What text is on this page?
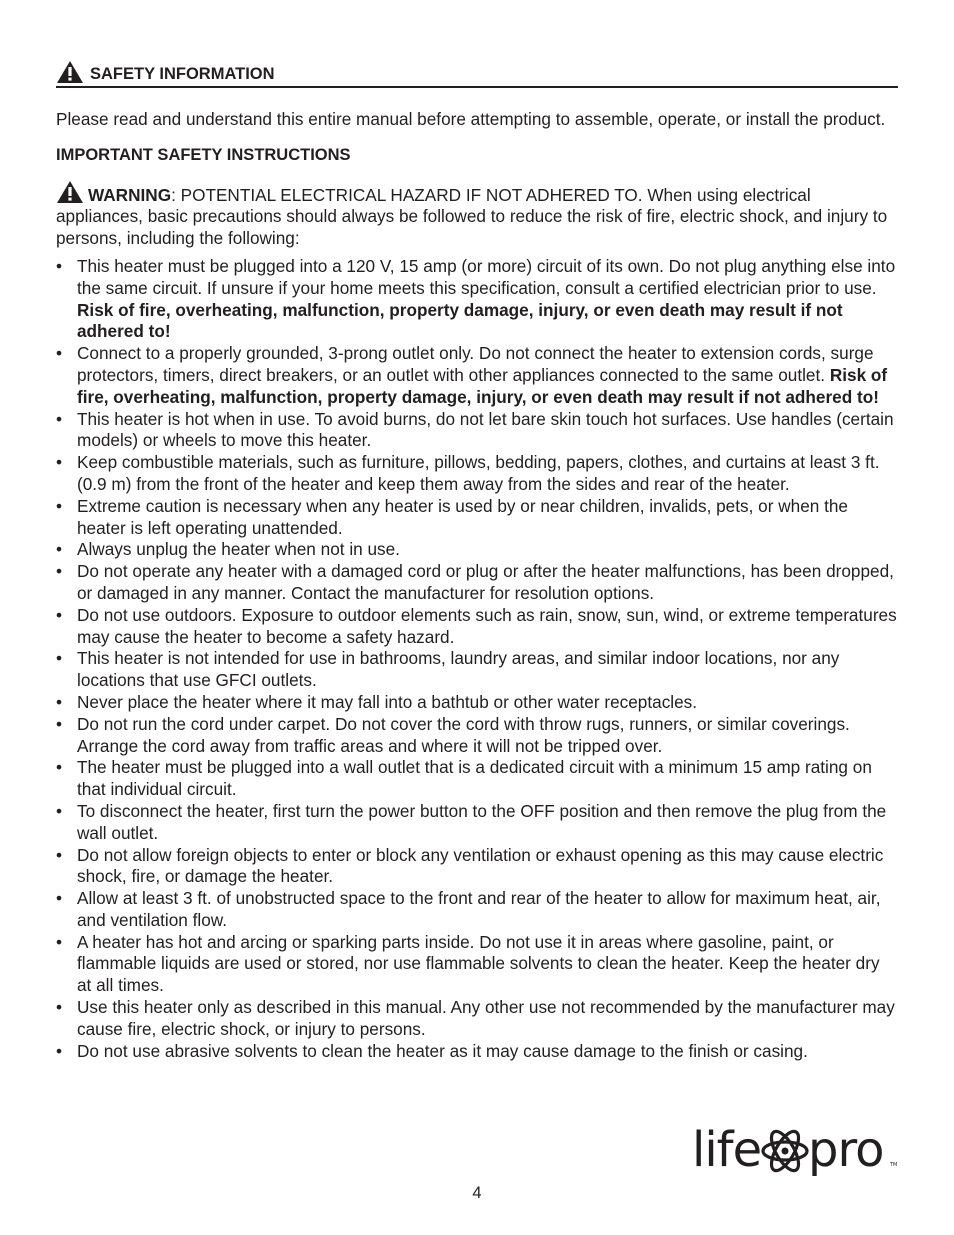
SAFETY INFORMATION

Please read and understand this entire manual before attempting to assemble, operate, or install the product.

IMPORTANT SAFETY INSTRUCTIONS

WARNING: POTENTIAL ELECTRICAL HAZARD IF NOT ADHERED TO. When using electrical appliances, basic precautions should always be followed to reduce the risk of fire, electric shock, and injury to persons, including the following:

• This heater must be plugged into a 120 V, 15 amp (or more) circuit of its own. Do not plug anything else into the same circuit. If unsure if your home meets this specification, consult a certified electrician prior to use. Risk of fire, overheating, malfunction, property damage, injury, or even death may result if not adhered to!
• Connect to a properly grounded, 3-prong outlet only. Do not connect the heater to extension cords, surge protectors, timers, direct breakers, or an outlet with other appliances connected to the same outlet. Risk of fire, overheating, malfunction, property damage, injury, or even death may result if not adhered to!
• This heater is hot when in use. To avoid burns, do not let bare skin touch hot surfaces. Use handles (certain models) or wheels to move this heater.
• Keep combustible materials, such as furniture, pillows, bedding, papers, clothes, and curtains at least 3 ft. (0.9 m) from the front of the heater and keep them away from the sides and rear of the heater.
• Extreme caution is necessary when any heater is used by or near children, invalids, pets, or when the heater is left operating unattended.
• Always unplug the heater when not in use.
• Do not operate any heater with a damaged cord or plug or after the heater malfunctions, has been dropped, or damaged in any manner. Contact the manufacturer for resolution options.
• Do not use outdoors. Exposure to outdoor elements such as rain, snow, sun, wind, or extreme temperatures may cause the heater to become a safety hazard.
• This heater is not intended for use in bathrooms, laundry areas, and similar indoor locations, nor any locations that use GFCI outlets.
• Never place the heater where it may fall into a bathtub or other water receptacles.
• Do not run the cord under carpet. Do not cover the cord with throw rugs, runners, or similar coverings. Arrange the cord away from traffic areas and where it will not be tripped over.
• The heater must be plugged into a wall outlet that is a dedicated circuit with a minimum 15 amp rating on that individual circuit.
• To disconnect the heater, first turn the power button to the OFF position and then remove the plug from the wall outlet.
• Do not allow foreign objects to enter or block any ventilation or exhaust opening as this may cause electric shock, fire, or damage the heater.
• Allow at least 3 ft. of unobstructed space to the front and rear of the heater to allow for maximum heat, air, and ventilation flow.
• A heater has hot and arcing or sparking parts inside. Do not use it in areas where gasoline, paint, or flammable liquids are used or stored, nor use flammable solvents to clean the heater. Keep the heater dry at all times.
• Use this heater only as described in this manual. Any other use not recommended by the manufacturer may cause fire, electric shock, or injury to persons.
• Do not use abrasive solvents to clean the heater as it may cause damage to the finish or casing.
life pro TM
4
